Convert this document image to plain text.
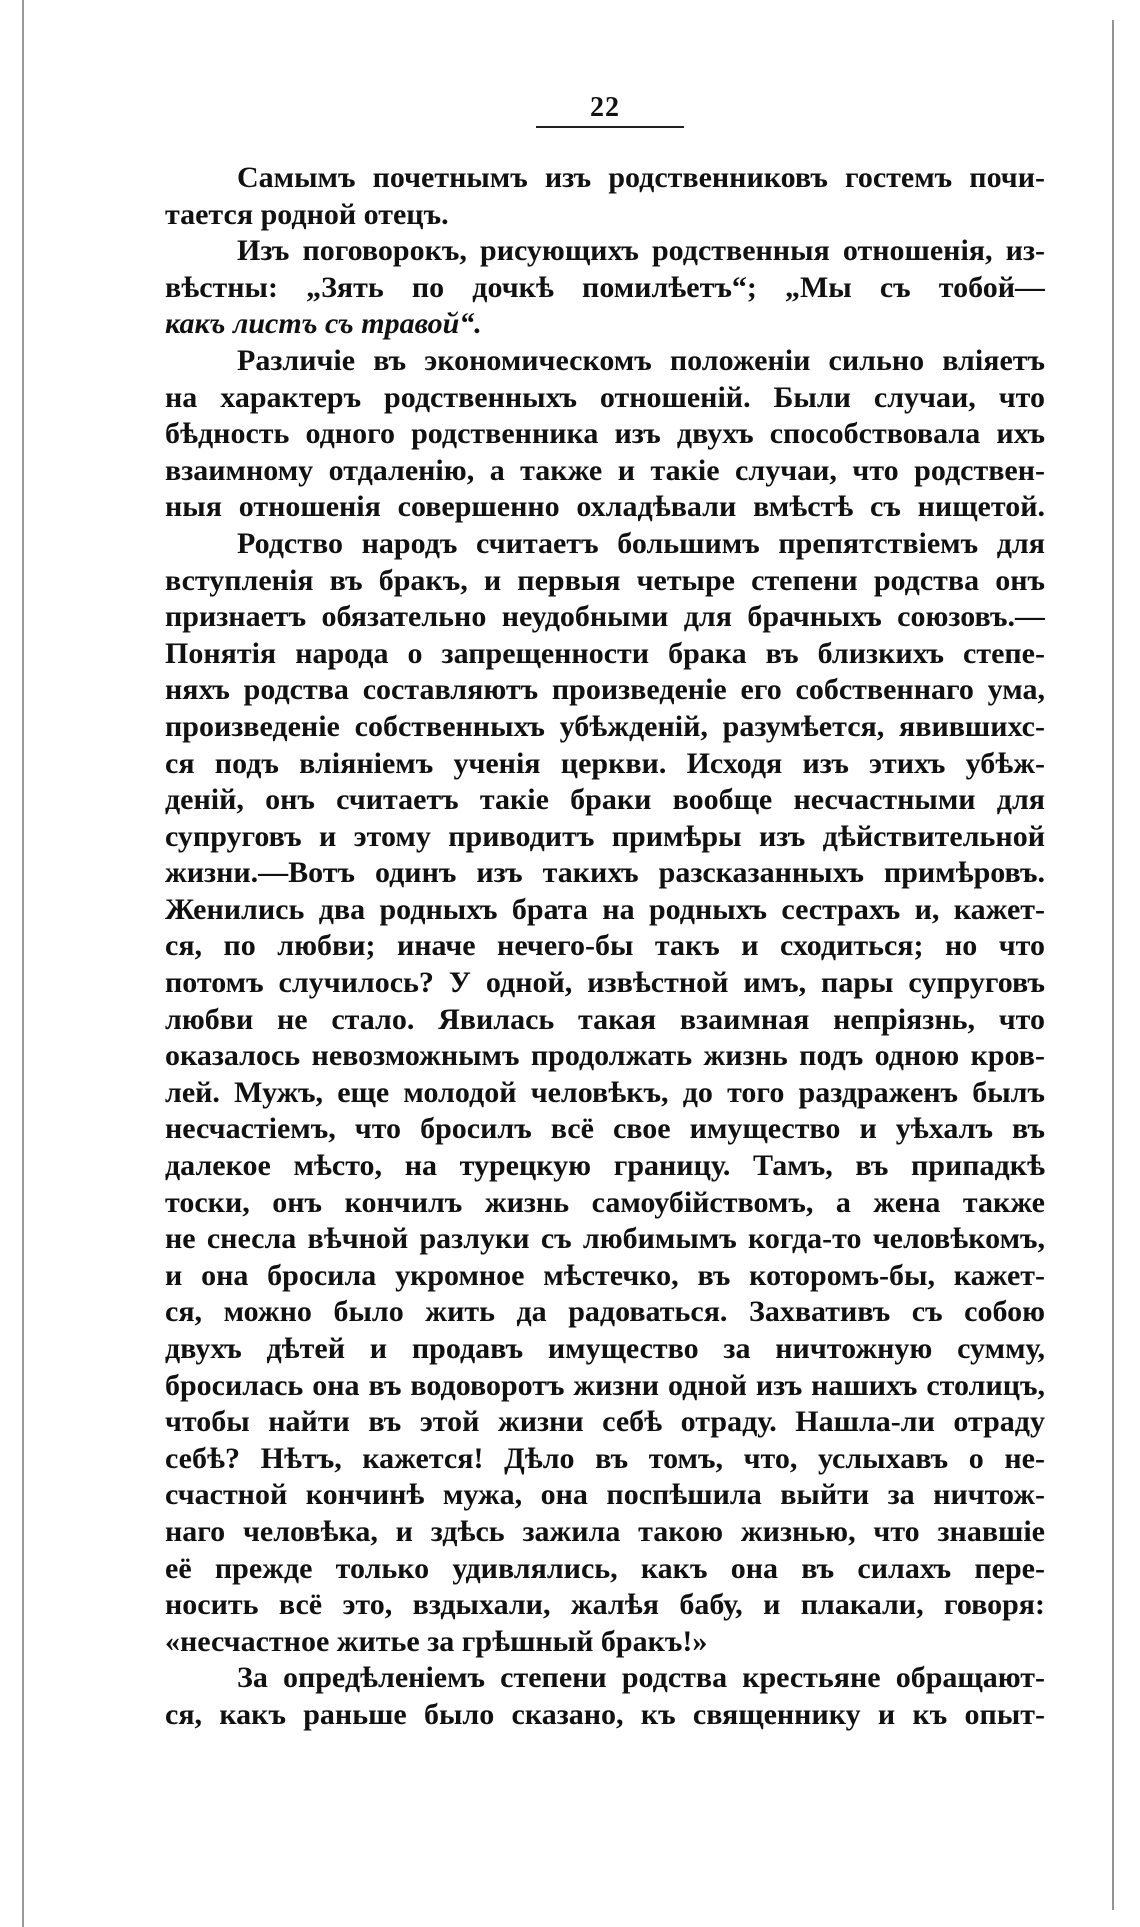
22
Самымъ почетнымъ изъ родственниковъ гостемъ почи-
тается родной отецъ.
Изъ поговорокъ, рисующихъ родственныя отношенія, из-
вѣстны: „Зять по дочкѣ помилѣетъ“; „Мы съ тобой—
какъ листъ съ травой“.
Различіе въ экономическомъ положеніи сильно вліяетъ
на характеръ родственныхъ отношеній. Были случаи, что
бѣдность одного родственника изъ двухъ способствовала ихъ
взаимному отдаленію, а также и такіе случаи, что родствен-
ныя отношенія совершенно охладѣвали вмѣстѣ съ нищетой.
Родство народъ считаетъ большимъ препятствіемъ для
вступленія въ бракъ, и первыя четыре степени родства онъ
признаетъ обязательно неудобными для брачныхъ союзовъ.—
Понятія народа о запрещенности брака въ близкихъ степе-
няхъ родства составляютъ произведеніе его собственнаго ума,
произведеніе собственныхъ убѣжденій, разумѣется, явившихс-
ся подъ вліяніемъ ученія церкви. Исходя изъ этихъ убѣж-
деній, онъ считаетъ такіе браки вообще несчастными для
супруговъ и этому приводитъ примѣры изъ дѣйствительной
жизни.—Вотъ одинъ изъ такихъ разсказанныхъ примѣровъ.
Женились два родныхъ брата на родныхъ сестрахъ и, кажет-
ся, по любви; иначе нечего-бы такъ и сходиться; но что
потомъ случилось? У одной, извѣстной имъ, пары супруговъ
любви не стало. Явилась такая взаимная непріязнь, что
оказалось невозможнымъ продолжать жизнь подъ одною кров-
лей. Мужъ, еще молодой человѣкъ, до того раздраженъ былъ
несчастіемъ, что бросилъ всё свое имущество и уѣхалъ въ
далекое мѣсто, на турецкую границу. Тамъ, въ припадкѣ
тоски, онъ кончилъ жизнь самоубійствомъ, а жена также
не снесла вѣчной разлуки съ любимымъ когда-то человѣкомъ,
и она бросила укромное мѣстечко, въ которомъ-бы, кажет-
ся, можно было жить да радоваться. Захвативъ съ собою
двухъ дѣтей и продавъ имущество за ничтожную сумму,
бросилась она въ водоворотъ жизни одной изъ нашихъ столицъ,
чтобы найти въ этой жизни себѣ отраду. Нашла-ли отраду
себѣ? Нѣтъ, кажется! Дѣло въ томъ, что, услыхавъ о не-
счастной кончинѣ мужа, она поспѣшила выйти за ничтож-
наго человѣка, и здѣсь зажила такою жизнью, что знавшіе
её прежде только удивлялись, какъ она въ силахъ пере-
носить всё это, вздыхали, жалѣя бабу, и плакали, говоря:
«несчастное житье за грѣшный бракъ!»
За опредѣленіемъ степени родства крестьяне обращают-
ся, какъ раньше было сказано, къ священнику и къ опыт-
